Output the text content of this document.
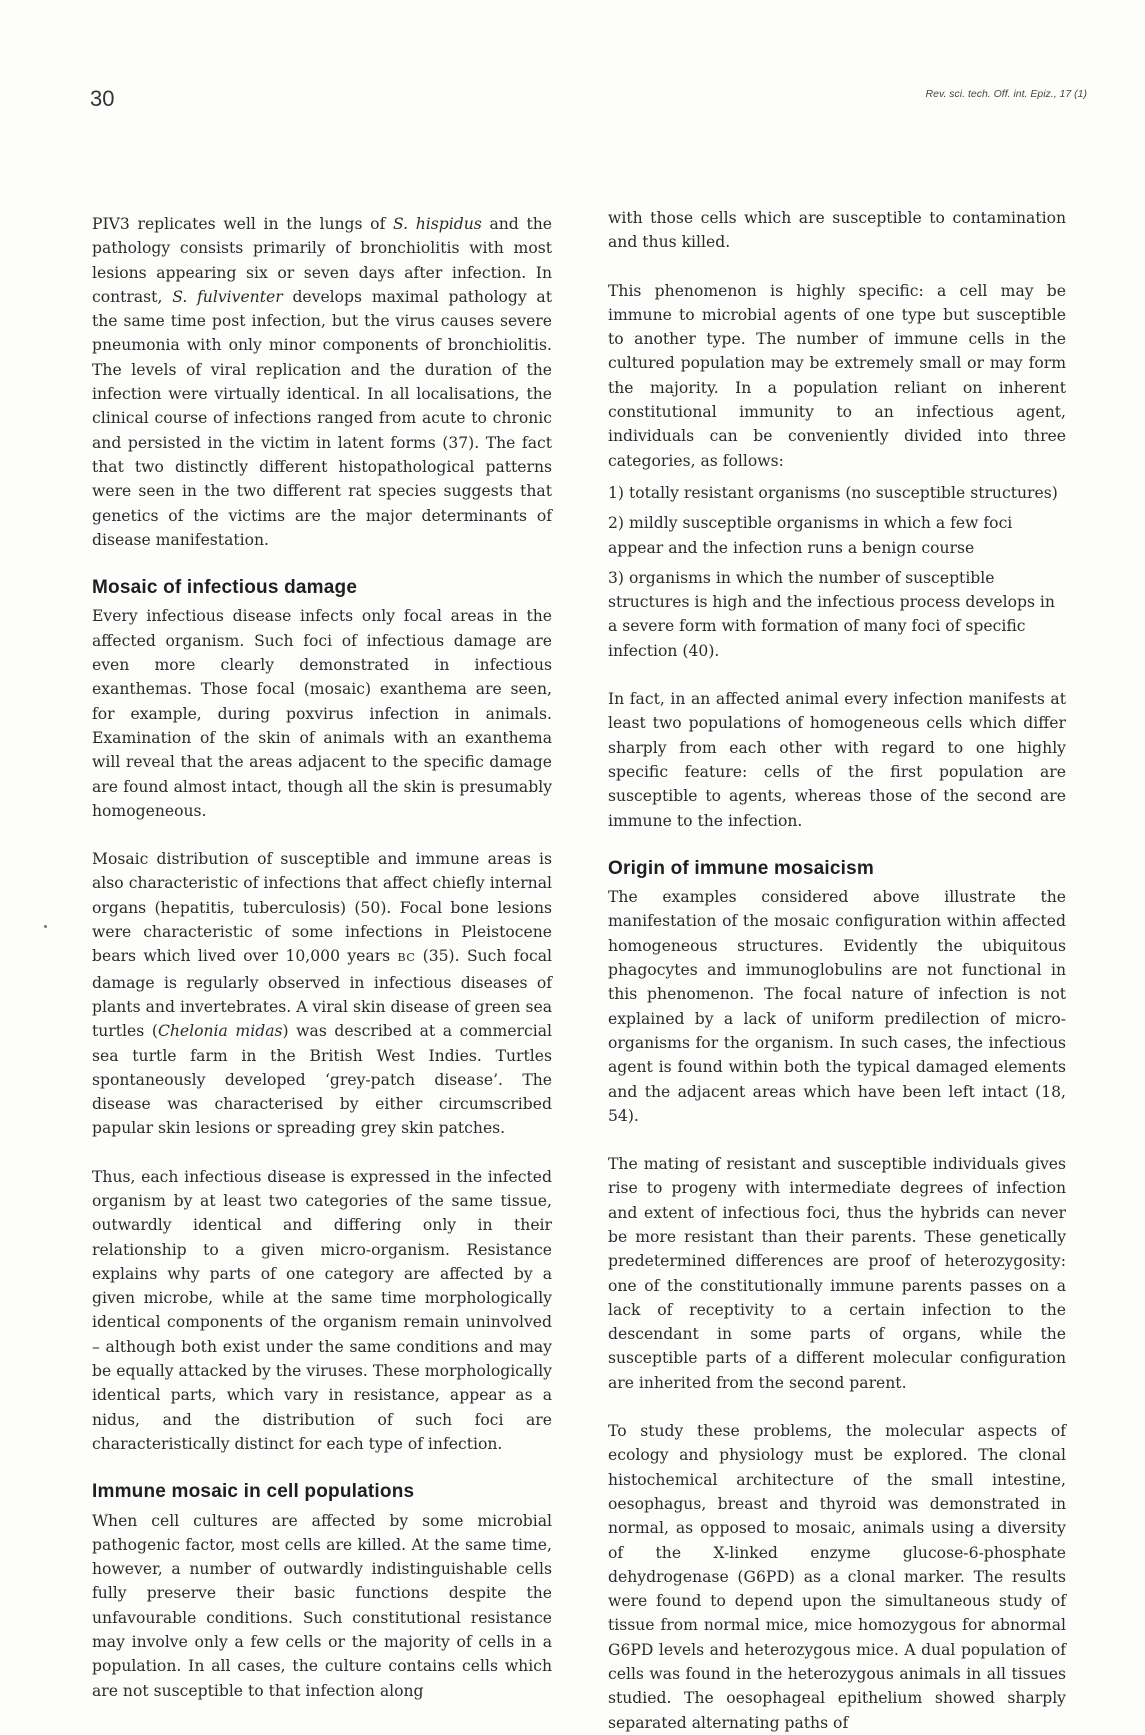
30	Rev. sci. tech. Off. int. Epiz., 17 (1)

PIV3 replicates well in the lungs of S. hispidus and the pathology consists primarily of bronchiolitis with most lesions appearing six or seven days after infection. In contrast, S. fulviventer develops maximal pathology at the same time post infection, but the virus causes severe pneumonia with only minor components of bronchiolitis. The levels of viral replication and the duration of the infection were virtually identical. In all localisations, the clinical course of infections ranged from acute to chronic and persisted in the victim in latent forms (37). The fact that two distinctly different histopathological patterns were seen in the two different rat species suggests that genetics of the victims are the major determinants of disease manifestation.

Mosaic of infectious damage

Every infectious disease infects only focal areas in the affected organism. Such foci of infectious damage are even more clearly demonstrated in infectious exanthemas. Those focal (mosaic) exanthema are seen, for example, during poxvirus infection in animals. Examination of the skin of animals with an exanthema will reveal that the areas adjacent to the specific damage are found almost intact, though all the skin is presumably homogeneous.

Mosaic distribution of susceptible and immune areas is also characteristic of infections that affect chiefly internal organs (hepatitis, tuberculosis) (50). Focal bone lesions were characteristic of some infections in Pleistocene bears which lived over 10,000 years BC (35). Such focal damage is regularly observed in infectious diseases of plants and invertebrates. A viral skin disease of green sea turtles (Chelonia midas) was described at a commercial sea turtle farm in the British West Indies. Turtles spontaneously developed ‘grey-patch disease’. The disease was characterised by either circumscribed papular skin lesions or spreading grey skin patches.

Thus, each infectious disease is expressed in the infected organism by at least two categories of the same tissue, outwardly identical and differing only in their relationship to a given micro-organism. Resistance explains why parts of one category are affected by a given microbe, while at the same time morphologically identical components of the organism remain uninvolved – although both exist under the same conditions and may be equally attacked by the viruses. These morphologically identical parts, which vary in resistance, appear as a nidus, and the distribution of such foci are characteristically distinct for each type of infection.

Immune mosaic in cell populations

When cell cultures are affected by some microbial pathogenic factor, most cells are killed. At the same time, however, a number of outwardly indistinguishable cells fully preserve their basic functions despite the unfavourable conditions. Such constitutional resistance may involve only a few cells or the majority of cells in a population. In all cases, the culture contains cells which are not susceptible to that infection along

with those cells which are susceptible to contamination and thus killed.

This phenomenon is highly specific: a cell may be immune to microbial agents of one type but susceptible to another type. The number of immune cells in the cultured population may be extremely small or may form the majority. In a population reliant on inherent constitutional immunity to an infectious agent, individuals can be conveniently divided into three categories, as follows:

1) totally resistant organisms (no susceptible structures)

2) mildly susceptible organisms in which a few foci appear and the infection runs a benign course

3) organisms in which the number of susceptible structures is high and the infectious process develops in a severe form with formation of many foci of specific infection (40).

In fact, in an affected animal every infection manifests at least two populations of homogeneous cells which differ sharply from each other with regard to one highly specific feature: cells of the first population are susceptible to agents, whereas those of the second are immune to the infection.

Origin of immune mosaicism

The examples considered above illustrate the manifestation of the mosaic configuration within affected homogeneous structures. Evidently the ubiquitous phagocytes and immunoglobulins are not functional in this phenomenon. The focal nature of infection is not explained by a lack of uniform predilection of micro-organisms for the organism. In such cases, the infectious agent is found within both the typical damaged elements and the adjacent areas which have been left intact (18, 54).

The mating of resistant and susceptible individuals gives rise to progeny with intermediate degrees of infection and extent of infectious foci, thus the hybrids can never be more resistant than their parents. These genetically predetermined differences are proof of heterozygosity: one of the constitutionally immune parents passes on a lack of receptivity to a certain infection to the descendant in some parts of organs, while the susceptible parts of a different molecular configuration are inherited from the second parent.

To study these problems, the molecular aspects of ecology and physiology must be explored. The clonal histochemical architecture of the small intestine, oesophagus, breast and thyroid was demonstrated in normal, as opposed to mosaic, animals using a diversity of the X-linked enzyme glucose-6-phosphate dehydrogenase (G6PD) as a clonal marker. The results were found to depend upon the simultaneous study of tissue from normal mice, mice homozygous for abnormal G6PD levels and heterozygous mice. A dual population of cells was found in the heterozygous animals in all tissues studied. The oesophageal epithelium showed sharply separated alternating paths of
